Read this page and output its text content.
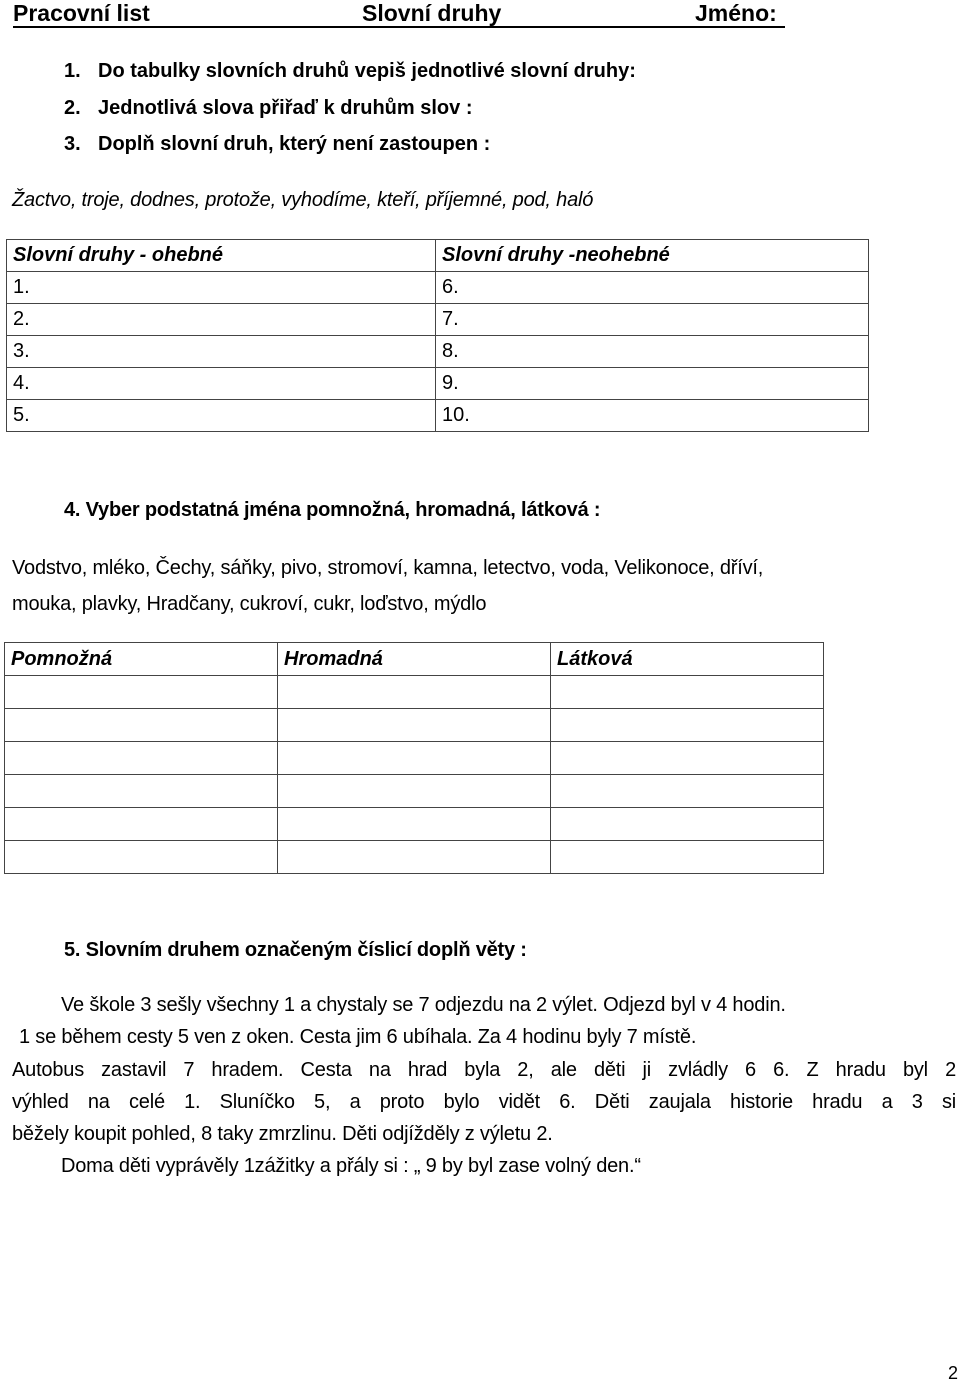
Pracovní list	Slovní druhy	Jméno:
1. Do tabulky slovních druhů vepiš jednotlivé slovní druhy:
2. Jednotlivá slova přiřaď k druhům slov :
3. Doplň slovní druh, který není zastoupen :
Žactvo, troje, dodnes, protože, vyhodíme, kteří, příjemné, pod, haló
Slovní druhy - ohebné	Slovní druhy -neohebné
1.	6.
2.	7.
3.	8.
4.	9.
5.	10.
4. Vyber podstatná jména pomnožná, hromadná, látková :
Vodstvo, mléko, Čechy, sáňky, pivo, stromoví, kamna, letectvo, voda, Velikonoce, dříví,
mouka, plavky, Hradčany, cukroví, cukr, loďstvo, mýdlo
Pomnožná	Hromadná	Látková

5. Slovním druhem označeným číslicí doplň věty :
Ve škole 3 sešly všechny 1 a chystaly se 7 odjezdu na 2 výlet. Odjezd byl v 4 hodin.
1 se během cesty 5 ven z oken. Cesta jim 6 ubíhala. Za 4 hodinu byly 7 místě.
Autobus zastavil 7 hradem. Cesta na hrad byla 2, ale děti ji zvládly 6 6. Z hradu byl 2
výhled na celé 1. Sluníčko 5, a proto bylo vidět 6. Děti zaujala historie hradu a 3 si
běžely koupit pohled, 8 taky zmrzlinu. Děti odjížděly z výletu 2.
Doma děti vyprávěly 1zážitky a přály si : „ 9 by byl zase volný den.“
2
